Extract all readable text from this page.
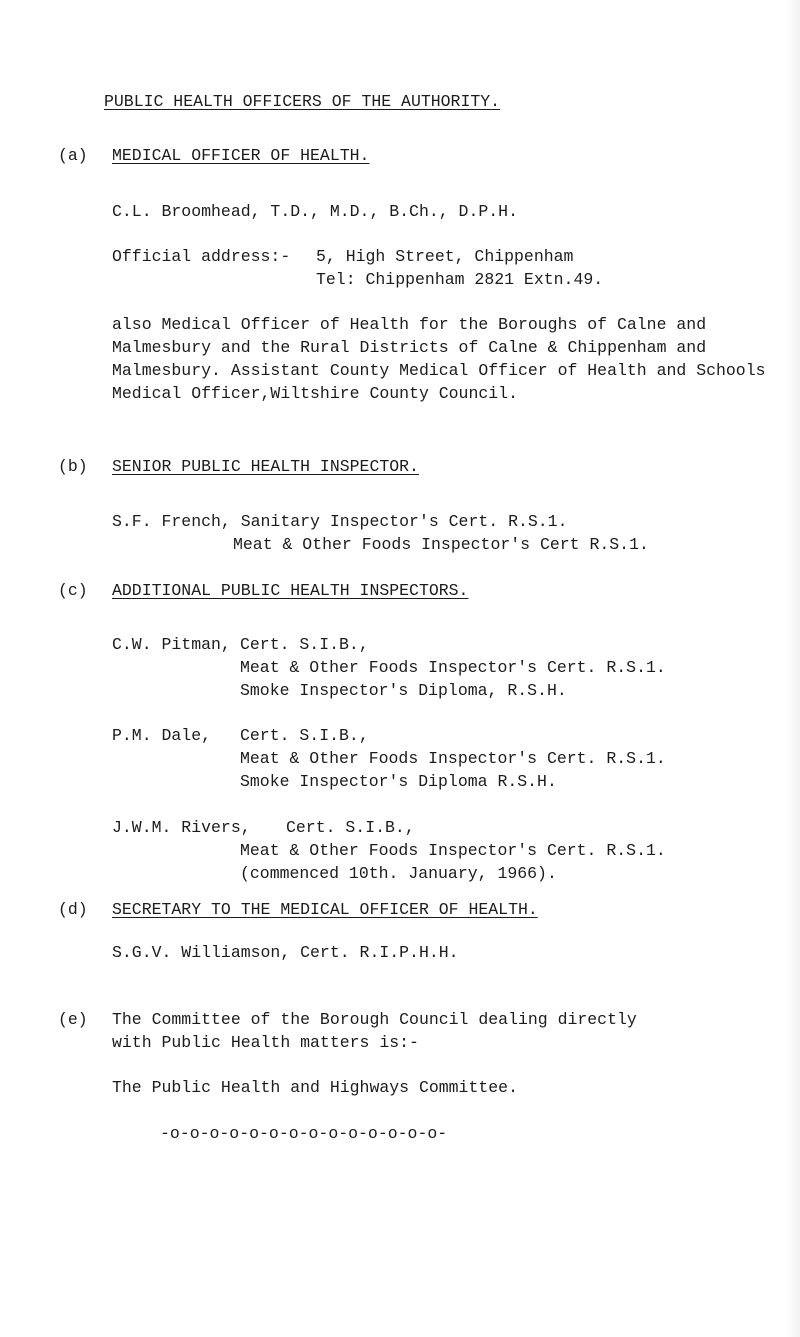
PUBLIC HEALTH OFFICERS OF THE AUTHORITY.
(a) MEDICAL OFFICER OF HEALTH.
C.L. Broomhead, T.D., M.D., B.Ch., D.P.H.
Official address:- 5, High Street, Chippenham
Tel: Chippenham 2821 Extn.49.
also Medical Officer of Health for the Boroughs of Calne and Malmesbury and the Rural Districts of Calne & Chippenham and Malmesbury. Assistant County Medical Officer of Health and Schools Medical Officer,Wiltshire County Council.
(b) SENIOR PUBLIC HEALTH INSPECTOR.
S.F. French, Sanitary Inspector's Cert. R.S.1.
Meat & Other Foods Inspector's Cert R.S.1.
(c) ADDITIONAL PUBLIC HEALTH INSPECTORS.
C.W. Pitman, Cert. S.I.B.,
Meat & Other Foods Inspector's Cert. R.S.1.
Smoke Inspector's Diploma, R.S.H.
P.M. Dale, Cert. S.I.B.,
Meat & Other Foods Inspector's Cert. R.S.1.
Smoke Inspector's Diploma R.S.H.
J.W.M. Rivers, Cert. S.I.B.,
Meat & Other Foods Inspector's Cert. R.S.1.
(commenced 10th. January, 1966).
(d) SECRETARY TO THE MEDICAL OFFICER OF HEALTH.
S.G.V. Williamson, Cert. R.I.P.H.H.
(e) The Committee of the Borough Council dealing directly
with Public Health matters is:-
The Public Health and Highways Committee.
-o-o-o-o-o-o-o-o-o-o-o-o-o-o-
